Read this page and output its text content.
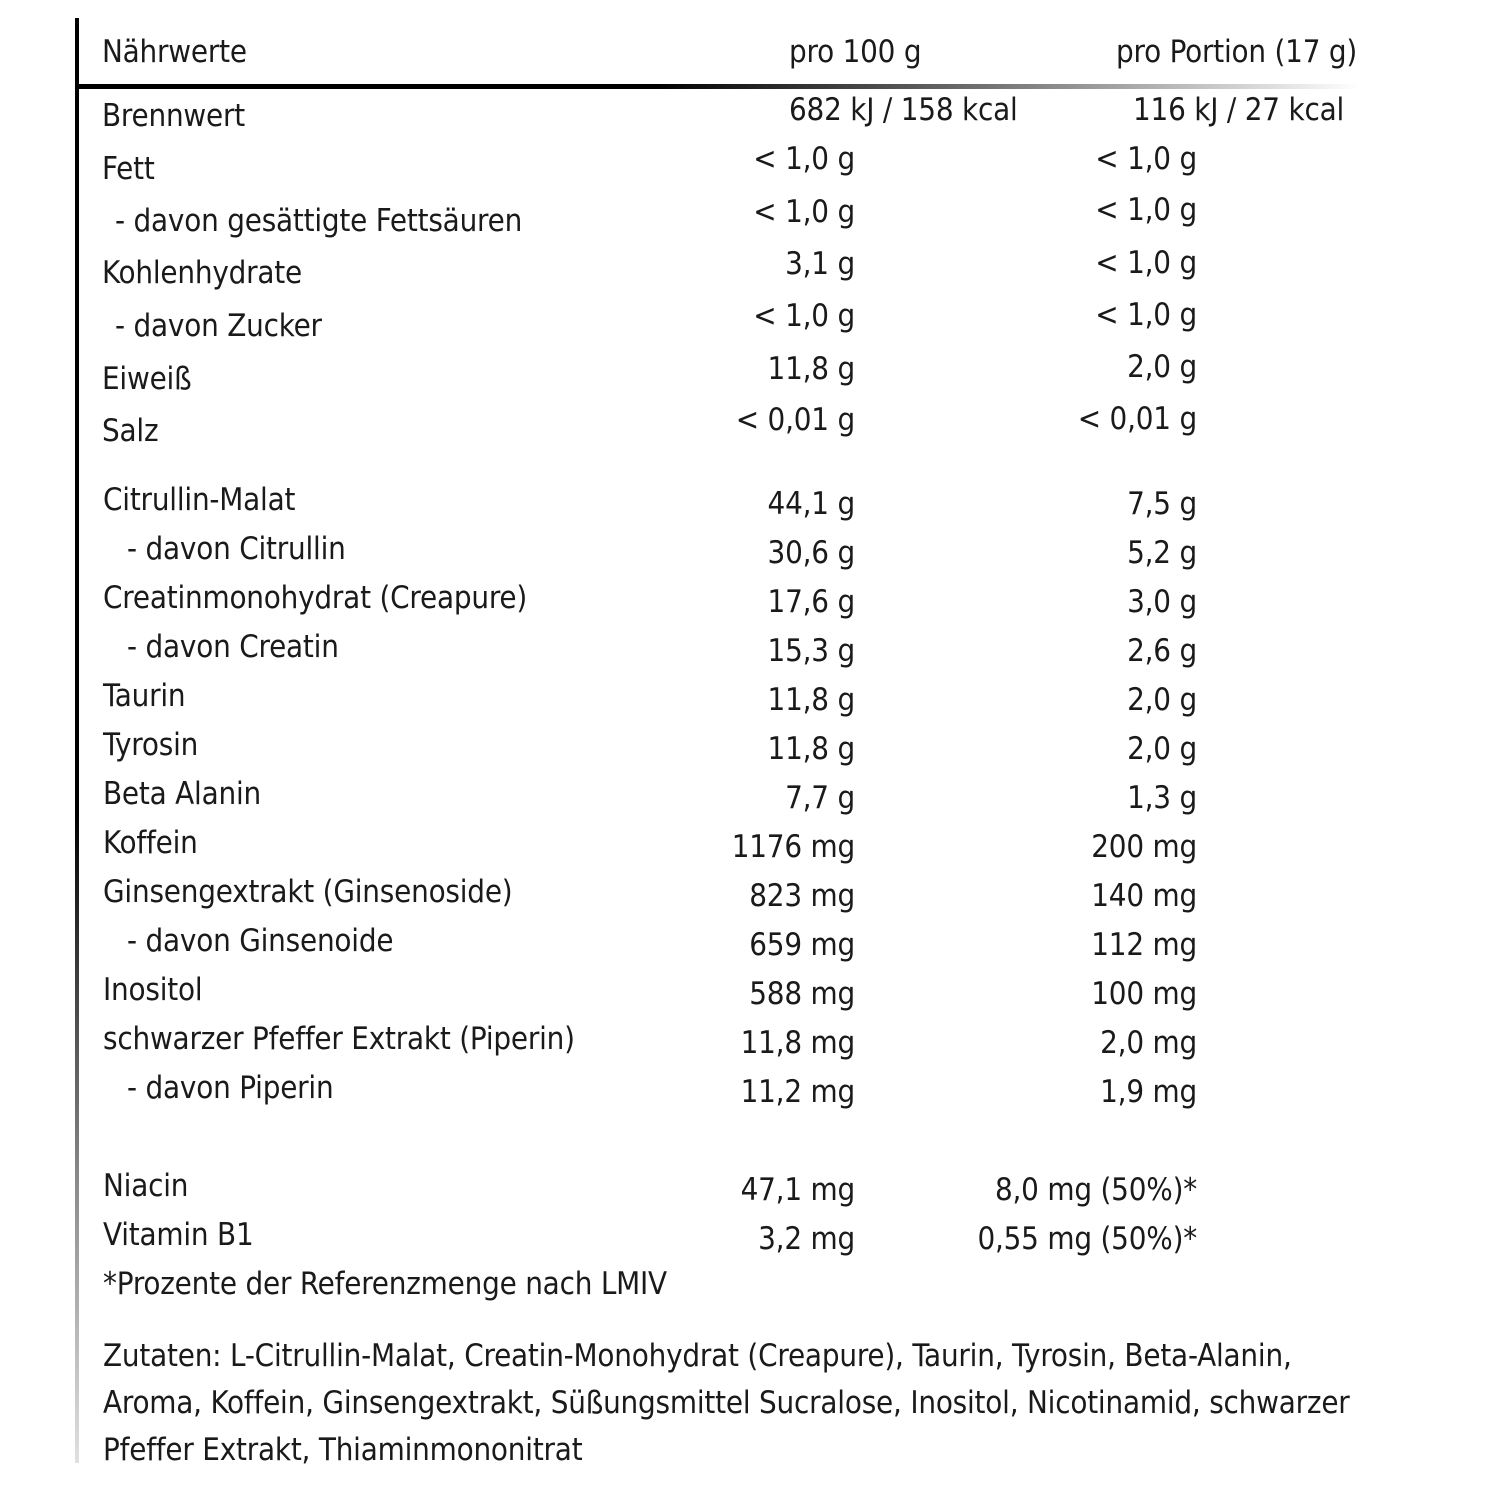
Nährwerte	pro 100 g	pro Portion (17 g)
Brennwert	682 kJ / 158 kcal	116 kJ / 27 kcal
Fett	< 1,0 g	< 1,0 g
- davon gesättigte Fettsäuren	< 1,0 g	< 1,0 g
Kohlenhydrate	3,1 g	< 1,0 g
- davon Zucker	< 1,0 g	< 1,0 g
Eiweiß	11,8 g	2,0 g
Salz	< 0,01 g	< 0,01 g
Citrullin-Malat	44,1 g	7,5 g
- davon Citrullin	30,6 g	5,2 g
Creatinmonohydrat (Creapure)	17,6 g	3,0 g
- davon Creatin	15,3 g	2,6 g
Taurin	11,8 g	2,0 g
Tyrosin	11,8 g	2,0 g
Beta Alanin	7,7 g	1,3 g
Koffein	1176 mg	200 mg
Ginsengextrakt (Ginsenoside)	823 mg	140 mg
- davon Ginsenoide	659 mg	112 mg
Inositol	588 mg	100 mg
schwarzer Pfeffer Extrakt (Piperin)	11,8 mg	2,0 mg
- davon Piperin	11,2 mg	1,9 mg
Niacin	47,1 mg	8,0 mg (50%)*
Vitamin B1	3,2 mg	0,55 mg (50%)*
*Prozente der Referenzmenge nach LMIV
Zutaten: L-Citrullin-Malat, Creatin-Monohydrat (Creapure), Taurin, Tyrosin, Beta-Alanin, Aroma, Koffein, Ginsengextrakt, Süßungsmittel Sucralose, Inositol, Nicotinamid, schwarzer Pfeffer Extrakt, Thiaminmononitrat
